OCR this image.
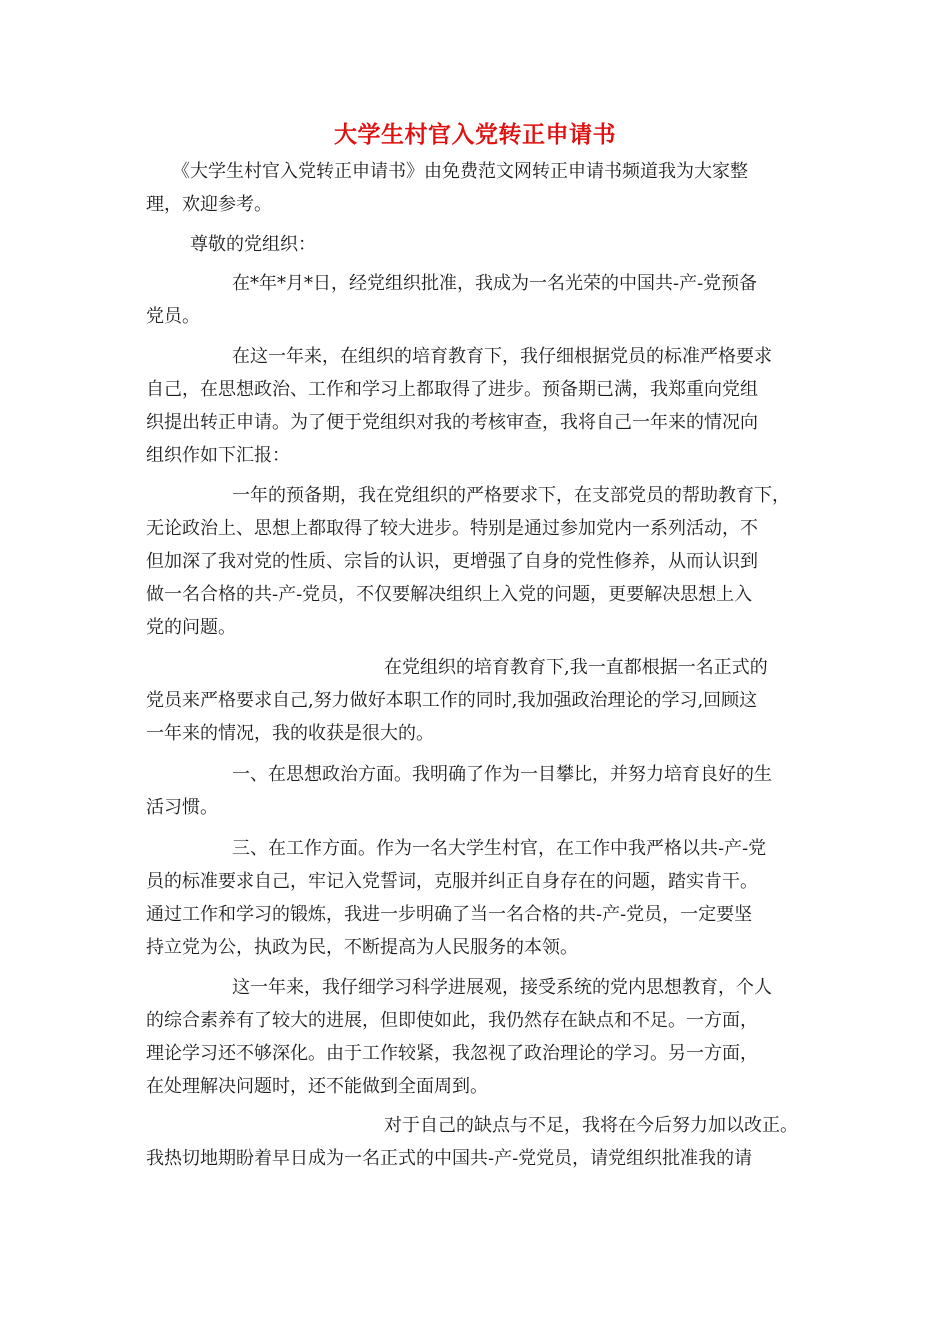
大学生村官入党转正申请书

《大学生村官入党转正申请书》由免费范文网转正申请书频道我为大家整
理，欢迎参考。

尊敬的党组织：

在*年*月*日，经党组织批准，我成为一名光荣的中国共-产-党预备
党员。

在这一年来，在组织的培育教育下，我仔细根据党员的标准严格要求
自己，在思想政治、工作和学习上都取得了进步。预备期已满，我郑重向党组
织提出转正申请。为了便于党组织对我的考核审查，我将自己一年来的情况向
组织作如下汇报：

一年的预备期，我在党组织的严格要求下，在支部党员的帮助教育下，
无论政治上、思想上都取得了较大进步。特别是通过参加党内一系列活动，不
但加深了我对党的性质、宗旨的认识，更增强了自身的党性修养，从而认识到
做一名合格的共-产-党员，不仅要解决组织上入党的问题，更要解决思想上入
党的问题。

在党组织的培育教育下,我一直都根据一名正式的
党员来严格要求自己,努力做好本职工作的同时,我加强政治理论的学习,回顾这
一年来的情况，我的收获是很大的。

一、在思想政治方面。我明确了作为一目攀比，并努力培育良好的生
活习惯。

三、在工作方面。作为一名大学生村官，在工作中我严格以共-产-党
员的标准要求自己，牢记入党誓词，克服并纠正自身存在的问题，踏实肯干。
通过工作和学习的锻炼，我进一步明确了当一名合格的共-产-党员，一定要坚
持立党为公，执政为民，不断提高为人民服务的本领。

这一年来，我仔细学习科学进展观，接受系统的党内思想教育，个人
的综合素养有了较大的进展，但即使如此，我仍然存在缺点和不足。一方面，
理论学习还不够深化。由于工作较紧，我忽视了政治理论的学习。另一方面，
在处理解决问题时，还不能做到全面周到。

对于自己的缺点与不足，我将在今后努力加以改正。
我热切地期盼着早日成为一名正式的中国共-产-党党员，请党组织批准我的请
